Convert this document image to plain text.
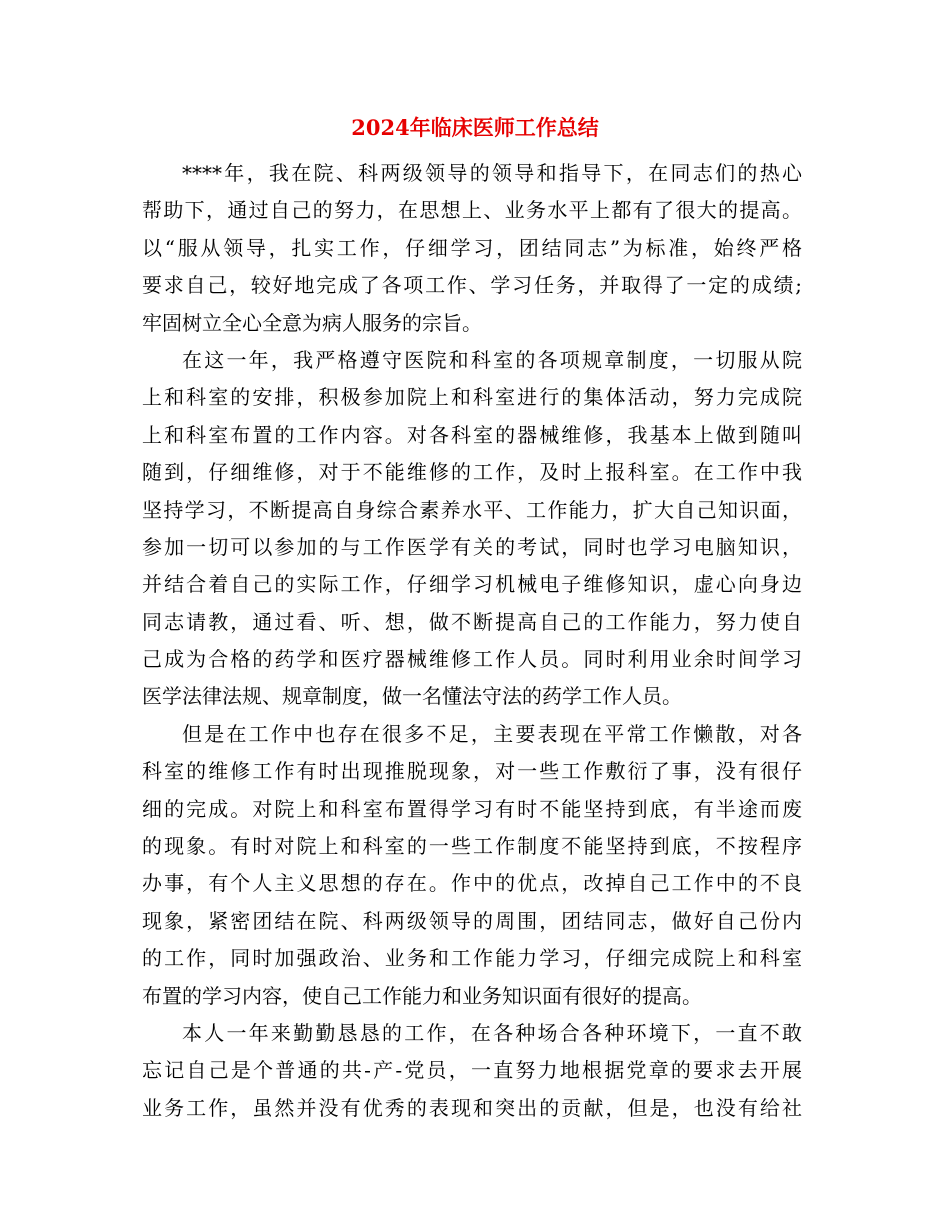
2024年临床医师工作总结
****年，我在院、科两级领导的领导和指导下，在同志们的热心
帮助下，通过自己的努力，在思想上、业务水平上都有了很大的提高。
以“服从领导，扎实工作，仔细学习，团结同志”为标准，始终严格
要求自己，较好地完成了各项工作、学习任务，并取得了一定的成绩;
牢固树立全心全意为病人服务的宗旨。
在这一年，我严格遵守医院和科室的各项规章制度，一切服从院
上和科室的安排，积极参加院上和科室进行的集体活动，努力完成院
上和科室布置的工作内容。对各科室的器械维修，我基本上做到随叫
随到，仔细维修，对于不能维修的工作，及时上报科室。在工作中我
坚持学习，不断提高自身综合素养水平、工作能力，扩大自己知识面，
参加一切可以参加的与工作医学有关的考试，同时也学习电脑知识，
并结合着自己的实际工作，仔细学习机械电子维修知识，虚心向身边
同志请教，通过看、听、想，做不断提高自己的工作能力，努力使自
己成为合格的药学和医疗器械维修工作人员。同时利用业余时间学习
医学法律法规、规章制度，做一名懂法守法的药学工作人员。
但是在工作中也存在很多不足，主要表现在平常工作懒散，对各
科室的维修工作有时出现推脱现象，对一些工作敷衍了事，没有很仔
细的完成。对院上和科室布置得学习有时不能坚持到底，有半途而废
的现象。有时对院上和科室的一些工作制度不能坚持到底，不按程序
办事，有个人主义思想的存在。作中的优点，改掉自己工作中的不良
现象，紧密团结在院、科两级领导的周围，团结同志，做好自己份内
的工作，同时加强政治、业务和工作能力学习，仔细完成院上和科室
布置的学习内容，使自己工作能力和业务知识面有很好的提高。
本人一年来勤勤恳恳的工作，在各种场合各种环境下，一直不敢
忘记自己是个普通的共-产-党员，一直努力地根据党章的要求去开展
业务工作，虽然并没有优秀的表现和突出的贡献，但是，也没有给社
